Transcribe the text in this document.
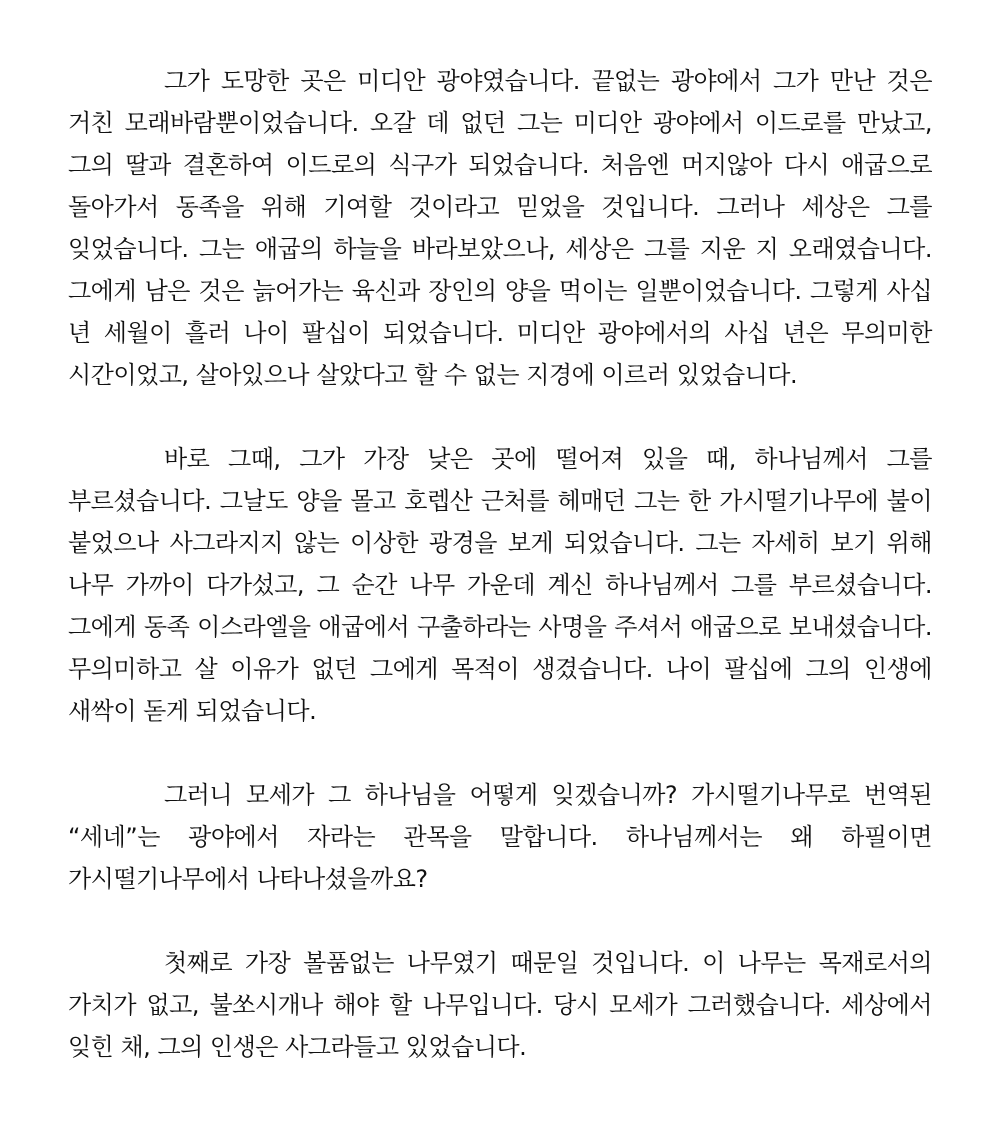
그가 도망한 곳은 미디안 광야였습니다. 끝없는 광야에서 그가 만난 것은 거친 모래바람뿐이었습니다. 오갈 데 없던 그는 미디안 광야에서 이드로를 만났고, 그의 딸과 결혼하여 이드로의 식구가 되었습니다. 처음엔 머지않아 다시 애굽으로 돌아가서 동족을 위해 기여할 것이라고 믿었을 것입니다. 그러나 세상은 그를 잊었습니다. 그는 애굽의 하늘을 바라보았으나, 세상은 그를 지운 지 오래였습니다. 그에게 남은 것은 늙어가는 육신과 장인의 양을 먹이는 일뿐이었습니다. 그렇게 사십 년 세월이 흘러 나이 팔십이 되었습니다. 미디안 광야에서의 사십 년은 무의미한 시간이었고, 살아있으나 살았다고 할 수 없는 지경에 이르러 있었습니다.

바로 그때, 그가 가장 낮은 곳에 떨어져 있을 때, 하나님께서 그를 부르셨습니다. 그날도 양을 몰고 호렙산 근처를 헤매던 그는 한 가시떨기나무에 불이 붙었으나 사그라지지 않는 이상한 광경을 보게 되었습니다. 그는 자세히 보기 위해 나무 가까이 다가섰고, 그 순간 나무 가운데 계신 하나님께서 그를 부르셨습니다. 그에게 동족 이스라엘을 애굽에서 구출하라는 사명을 주셔서 애굽으로 보내셨습니다. 무의미하고 살 이유가 없던 그에게 목적이 생겼습니다. 나이 팔십에 그의 인생에 새싹이 돋게 되었습니다.

그러니 모세가 그 하나님을 어떻게 잊겠습니까? 가시떨기나무로 번역된 “세네”는 광야에서 자라는 관목을 말합니다. 하나님께서는 왜 하필이면 가시떨기나무에서 나타나셨을까요?

첫째로 가장 볼품없는 나무였기 때문일 것입니다. 이 나무는 목재로서의 가치가 없고, 불쏘시개나 해야 할 나무입니다. 당시 모세가 그러했습니다. 세상에서 잊힌 채, 그의 인생은 사그라들고 있었습니다.
